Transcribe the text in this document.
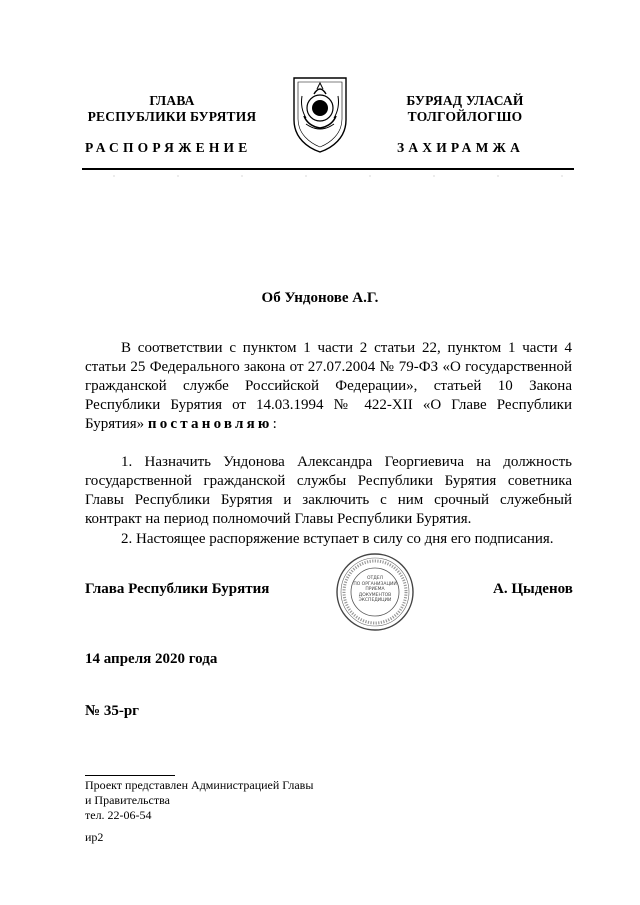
ГЛАВА
РЕСПУБЛИКИ БУРЯТИЯ
РАСПОРЯЖЕНИЕ
БУРЯАД УЛАСАЙ
ТОЛГОЙЛОГШО
ЗАХИРАМЖА
Об Ундонове А.Г.
В соответствии с пунктом 1 части 2 статьи 22, пунктом 1 части 4 статьи 25 Федерального закона от 27.07.2004 № 79-ФЗ «О государственной гражданской службе Российской Федерации», статьей 10 Закона Республики Бурятия от 14.03.1994 № 422-XII «О Главе Республики Бурятия» постановляю:
1. Назначить Ундонова Александра Георгиевича на должность государственной гражданской службы Республики Бурятия советника Главы Республики Бурятия и заключить с ним срочный служебный контракт на период полномочий Главы Республики Бурятия.
2. Настоящее распоряжение вступает в силу со дня его подписания.
Глава Республики Бурятия	А. Цыденов
ОТДЕЛ
ПО ОРГАНИЗАЦИИ
ПРИЕМА
ДОКУМЕНТОВ
ЭКСПЕДИЦИИ
14 апреля 2020 года
№ 35-рг
Проект представлен Администрацией Главы
и Правительства
тел. 22-06-54
ир2
